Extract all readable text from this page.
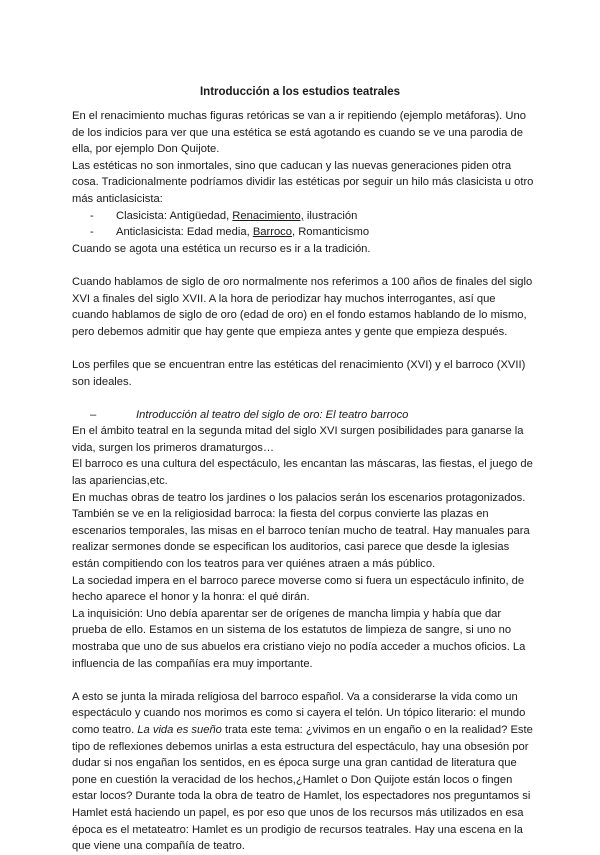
Introducción a los estudios teatrales

En el renacimiento muchas figuras retóricas se van a ir repitiendo (ejemplo metáforas). Uno de los indicios para ver que una estética se está agotando es cuando se ve una parodia de ella, por ejemplo Don Quijote.

Las estéticas no son inmortales, sino que caducan y las nuevas generaciones piden otra cosa. Tradicionalmente podríamos dividir las estéticas por seguir un hilo más clasicista u otro más anticlasicista:

-	Clasicista: Antigüedad, Renacimiento, ilustración
-	Anticlasicista: Edad media, Barroco, Romanticismo

Cuando se agota una estética un recurso es ir a la tradición.

Cuando hablamos de siglo de oro normalmente nos referimos a 100 años de finales del siglo XVI a finales del siglo XVII. A la hora de periodizar hay muchos interrogantes, así que cuando hablamos de siglo de oro (edad de oro) en el fondo estamos hablando de lo mismo, pero debemos admitir que hay gente que empieza antes y gente que empieza después.

Los perfiles que se encuentran entre las estéticas del renacimiento (XVI) y el barroco (XVII) son ideales.

–	Introducción al teatro del siglo de oro: El teatro barroco

En el ámbito teatral en la segunda mitad del siglo XVI surgen posibilidades para ganarse la vida, surgen los primeros dramaturgos…

El barroco es una cultura del espectáculo, les encantan las máscaras, las fiestas, el juego de las apariencias,etc.

En muchas obras de teatro los jardines o los palacios serán los escenarios protagonizados. También se ve en la religiosidad barroca: la fiesta del corpus convierte las plazas en escenarios temporales, las misas en el barroco tenían mucho de teatral. Hay manuales para realizar sermones donde se especifican los auditorios, casi parece que desde la iglesias están compitiendo con los teatros para ver quiénes atraen a más público.

La sociedad impera en el barroco parece moverse como si fuera un espectáculo infinito, de hecho aparece el honor y la honra: el qué dirán.

La inquisición: Uno debía aparentar ser de orígenes de mancha limpia y había que dar prueba de ello. Estamos en un sistema de los estatutos de limpieza de sangre, si uno no mostraba que uno de sus abuelos era cristiano viejo no podía acceder a muchos oficios. La influencia de las compañías era muy importante.

A esto se junta la mirada religiosa del barroco español. Va a considerarse la vida como un espectáculo y cuando nos morimos es como si cayera el telón. Un tópico literario: el mundo como teatro. La vida es sueño trata este tema: ¿vivimos en un engaño o en la realidad? Este tipo de reflexiones debemos unirlas a esta estructura del espectáculo, hay una obsesión por dudar si nos engañan los sentidos, en es época surge una gran cantidad de literatura que pone en cuestión la veracidad de los hechos,¿Hamlet o Don Quijote están locos o fingen estar locos? Durante toda la obra de teatro de Hamlet, los espectadores nos preguntamos si Hamlet está haciendo un papel, es por eso que unos de los recursos más utilizados en esa época es el metateatro: Hamlet es un prodigio de recursos teatrales. Hay una escena en la que viene una compañía de teatro.
